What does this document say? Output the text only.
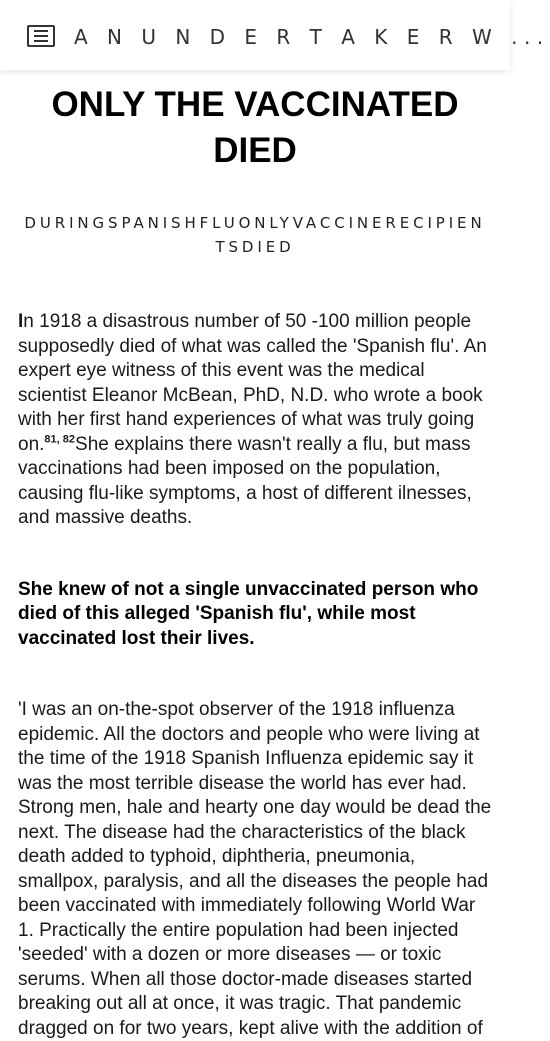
A N U N D E R T A K E R W ...
ONLY THE VACCINATED DIED
DURINGSPANISHFLUONLYVACCINERECIPIENTSDIED

In 1918 a disastrous number of 50 -100 million people supposedly died of what was called the 'Spanish flu'. An expert eye witness of this event was the medical scientist Eleanor McBean, PhD, N.D. who wrote a book with her first hand experiences of what was truly going on.$^{81, 82}$She explains there wasn't really a flu, but mass vaccinations had been imposed on the population, causing flu-like symptoms, a host of different ilnesses, and massive deaths.

She knew of not a single unvaccinated person who died of this alleged 'Spanish flu', while most vaccinated lost their lives.

'I was an on-the-spot observer of the 1918 influenza epidemic. All the doctors and people who were living at the time of the 1918 Spanish Influenza epidemic say it was the most terrible disease the world has ever had. Strong men, hale and hearty one day would be dead the next. The disease had the characteristics of the black death added to typhoid, diphtheria, pneumonia, smallpox, paralysis, and all the diseases the people had been vaccinated with immediately following World War 1. Practically the entire population had been injected 'seeded' with a dozen or more diseases — or toxic serums. When all those doctor-made diseases started breaking out all at once, it was tragic. That pandemic dragged on for two years, kept alive with the addition of
